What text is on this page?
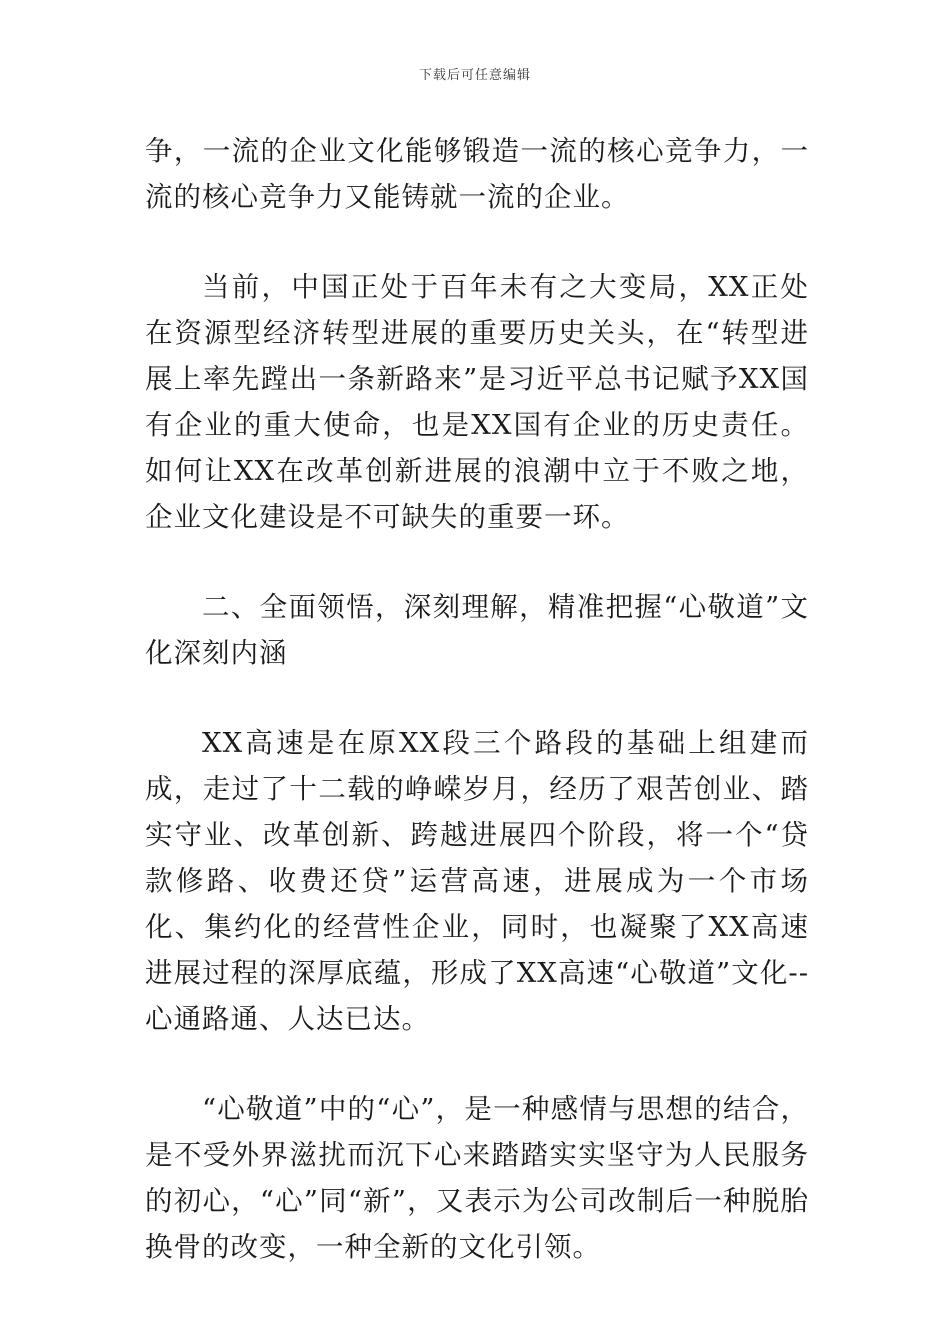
下载后可任意编辑

争，一流的企业文化能够锻造一流的核心竞争力，一流的核心竞争力又能铸就一流的企业。

当前，中国正处于百年未有之大变局，XX正处在资源型经济转型进展的重要历史关头，在“转型进展上率先蹚出一条新路来”是习近平总书记赋予XX国有企业的重大使命，也是XX国有企业的历史责任。如何让XX在改革创新进展的浪潮中立于不败之地，企业文化建设是不可缺失的重要一环。

二、全面领悟，深刻理解，精准把握“心敬道”文化深刻内涵

XX高速是在原XX段三个路段的基础上组建而成，走过了十二载的峥嵘岁月，经历了艰苦创业、踏实守业、改革创新、跨越进展四个阶段，将一个“贷款修路、收费还贷”运营高速，进展成为一个市场化、集约化的经营性企业，同时，也凝聚了XX高速进展过程的深厚底蕴，形成了XX高速“心敬道”文化--心通路通、人达已达。

“心敬道”中的“心”，是一种感情与思想的结合，是不受外界滋扰而沉下心来踏踏实实坚守为人民服务的初心，“心”同“新”，又表示为公司改制后一种脱胎换骨的改变，一种全新的文化引领。
